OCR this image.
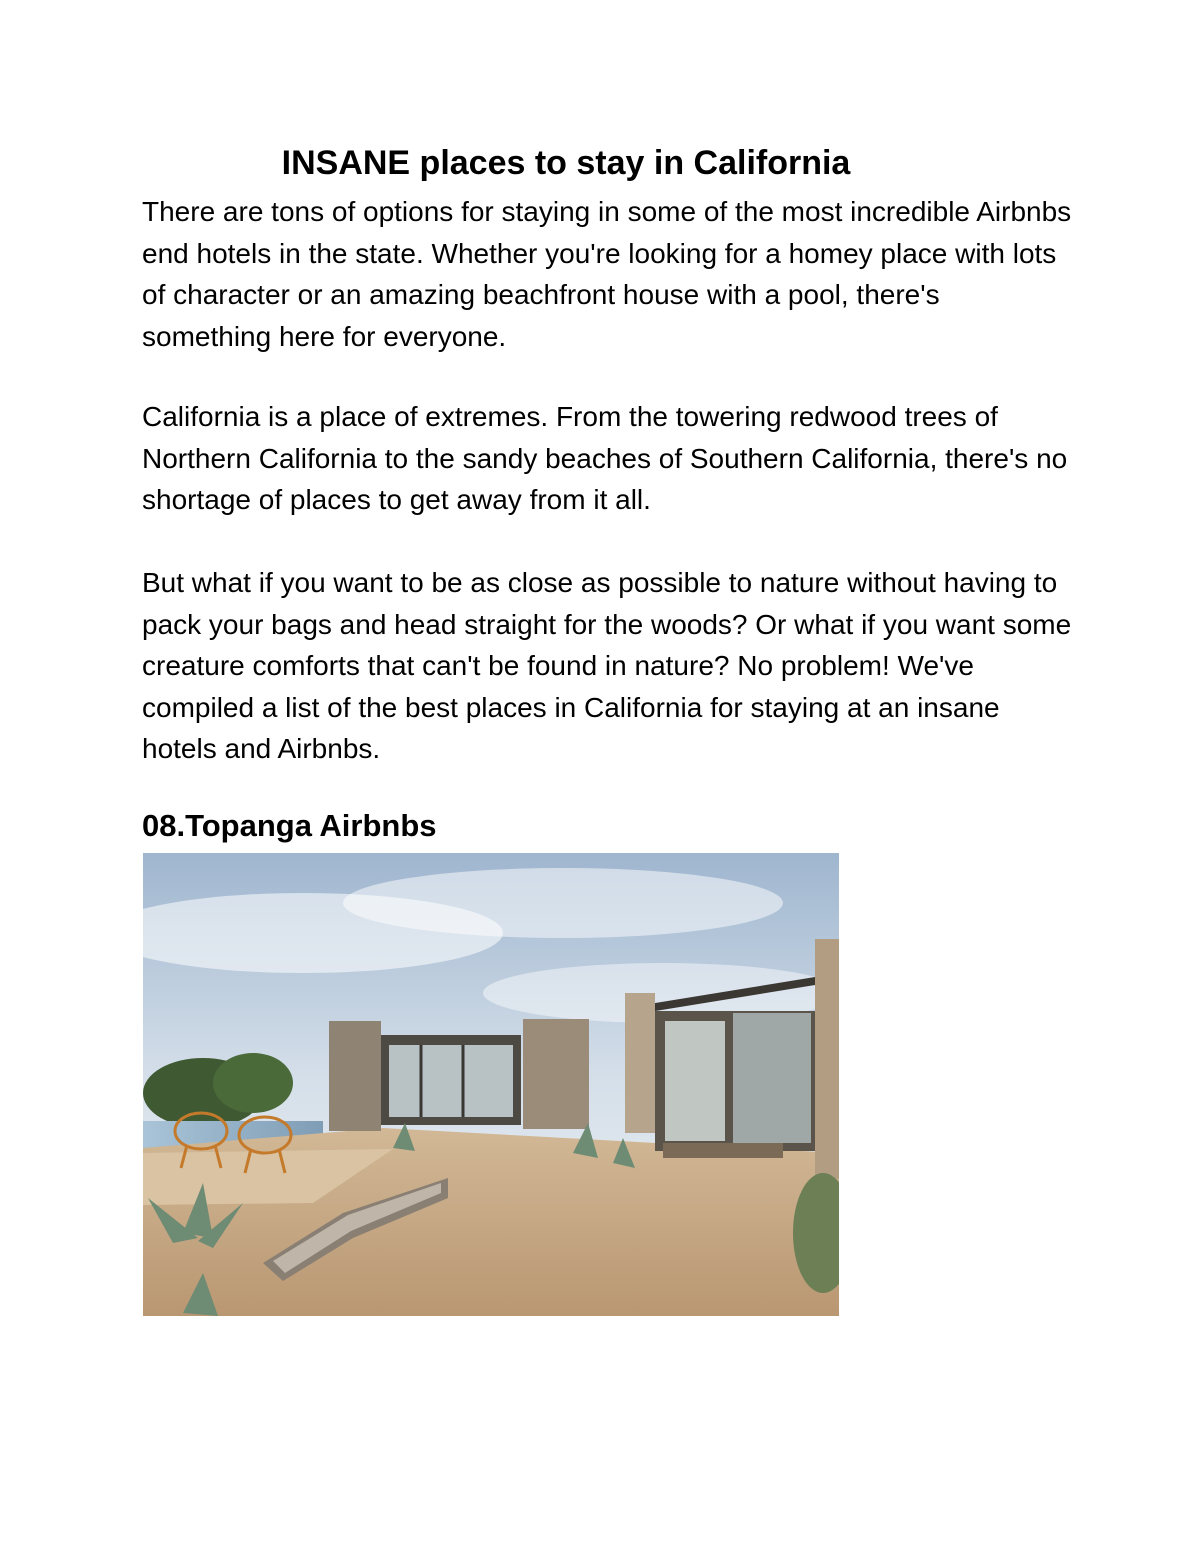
INSANE places to stay in California

There are tons of options for staying in some of the most incredible Airbnbs end hotels in the state. Whether you're looking for a homey place with lots of character or an amazing beachfront house with a pool, there's something here for everyone.

California is a place of extremes. From the towering redwood trees of Northern California to the sandy beaches of Southern California, there's no shortage of places to get away from it all.

But what if you want to be as close as possible to nature without having to pack your bags and head straight for the woods? Or what if you want some creature comforts that can't be found in nature? No problem! We've compiled a list of the best places in California for staying at an insane hotels and Airbnbs.

08.Topanga Airbnbs
